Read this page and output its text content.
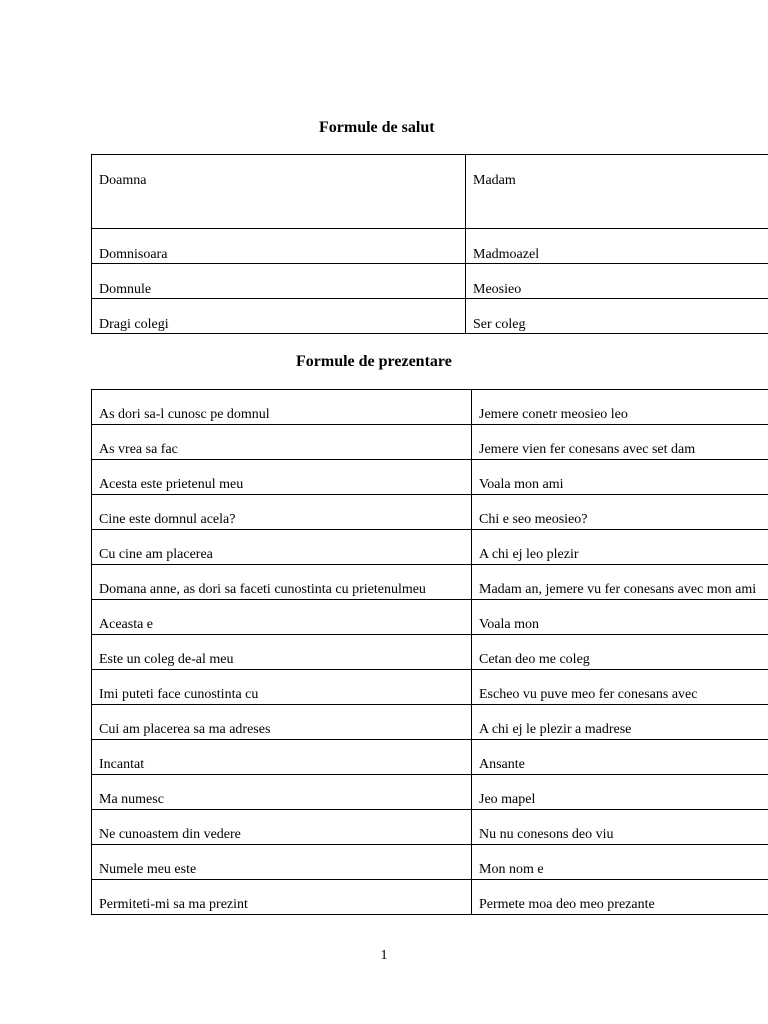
Formule de salut
Doamna	Madam
Domnisoara	Madmoazel
Domnule	Meosieo
Dragi colegi	Ser coleg
Formule de prezentare
As dori sa-l cunosc pe domnul	Jemere conetr meosieo leo
As vrea sa fac	Jemere vien fer conesans avec set dam
Acesta este prietenul meu	Voala mon ami
Cine este domnul acela?	Chi e seo meosieo?
Cu cine am placerea	A chi ej leo plezir
Domana anne, as dori sa faceti cunostinta cu prietenulmeu	Madam an, jemere vu fer conesans avec mon ami
Aceasta e	Voala mon
Este un coleg de-al meu	Cetan deo me coleg
Imi puteti face cunostinta cu	Escheo vu puve meo fer conesans avec
Cui am placerea sa ma adreses	A chi ej le plezir a madrese
Incantat	Ansante
Ma numesc	Jeo mapel
Ne cunoastem din vedere	Nu nu conesons deo viu
Numele meu este	Mon nom e
Permiteti-mi sa ma prezint	Permete moa deo meo prezante
1
